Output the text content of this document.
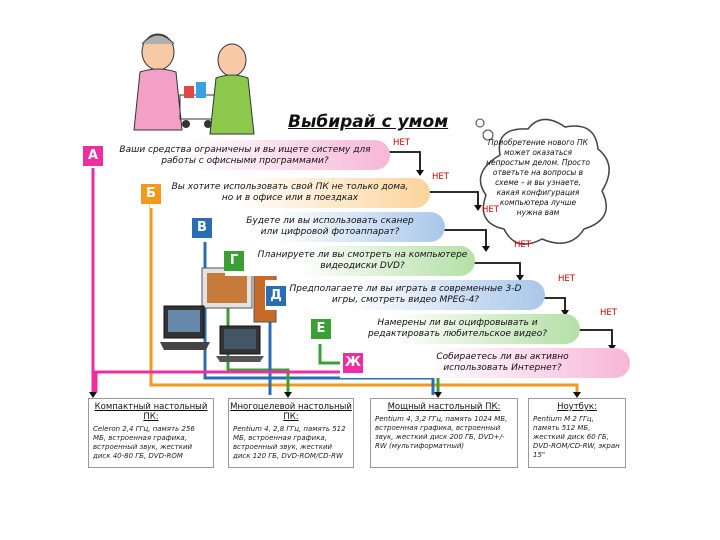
Выбирай с умом
Приобретение нового ПК может оказаться непростым делом. Просто ответьте на вопросы в схеме – и вы узнаете, какая конфигурация компьютера лучше нужна вам
А	Ваши средства ограничены и вы ищете систему для работы с офисными программами?
НЕТ
Б	Вы хотите использовать свой ПК не только дома, но и в офисе или в поездках
НЕТ
В	Будете ли вы использовать сканер или цифровой фотоаппарат?
НЕТ
Г	Планируете ли вы смотреть на компьютере видеодиски DVD?
НЕТ
Д Предполагаете ли вы играть в современные 3-D игры, смотреть видео MPEG-4?
НЕТ
Е	Намерены ли вы оцифровывать и редактировать любительское видео?
НЕТ
Ж	Собираетесь ли вы активно использовать Интернет?
Компактный настольный ПК:
Celeron 2,4 ГГц, память 256 МБ, встроенная графика, встроенный звук, жесткий диск 40-80 ГБ, DVD-ROM
Многоцелевой настольный ПК:
Pentium 4, 2,8 ГГц, память 512 МБ, встроенная графика, встроенный звук, жесткий диск 120 ГБ, DVD-ROM/CD-RW
Мощный настольный ПК:
Pentium 4, 3,2 ГГц, память 1024 МБ, встроенная графика, встроенный звук, жесткий диск 200 ГБ, DVD+/-RW (мультиформатный)
Ноутбук:
Pentium M 2 ГГц, память 512 МБ, жесткий диск 60 ГБ, DVD-ROM/CD-RW, экран 15"
